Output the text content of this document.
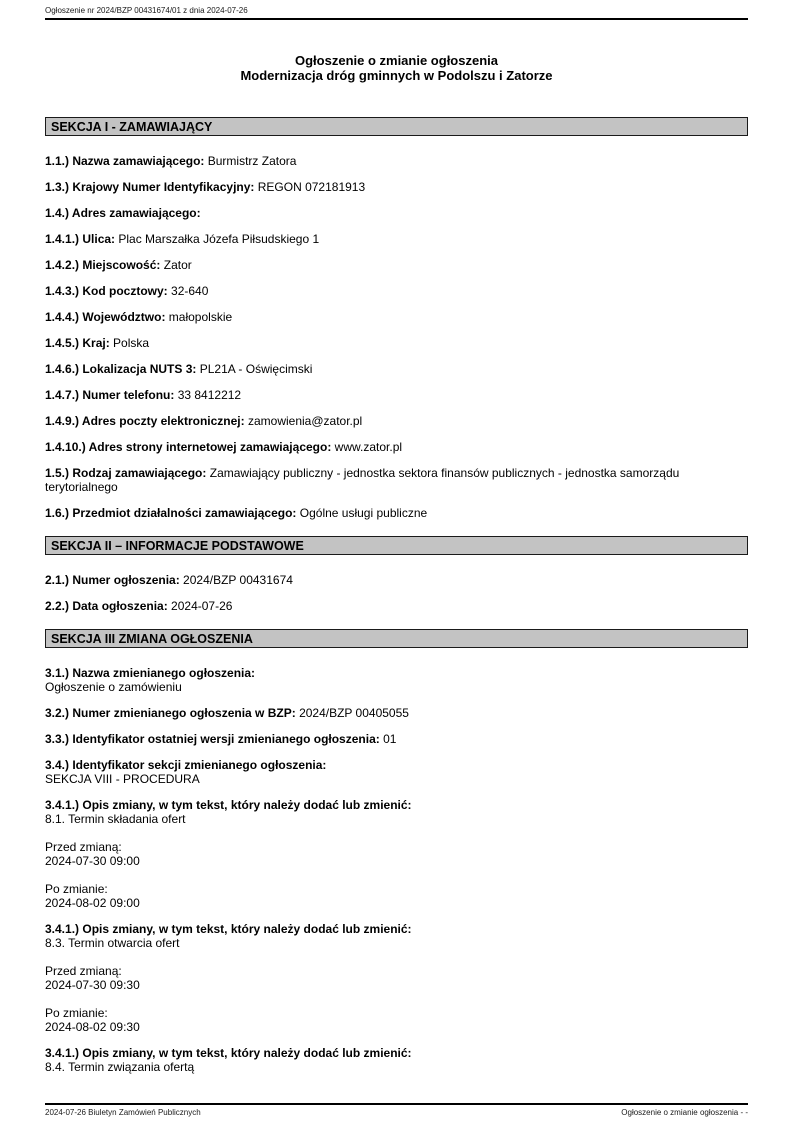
Ogłoszenie nr 2024/BZP 00431674/01 z dnia 2024-07-26
Ogłoszenie o zmianie ogłoszenia
Modernizacja dróg gminnych w Podolszu i Zatorze
SEKCJA I - ZAMAWIAJĄCY

1.1.) Nazwa zamawiającego: Burmistrz Zatora

1.3.) Krajowy Numer Identyfikacyjny: REGON 072181913

1.4.) Adres zamawiającego:

1.4.1.) Ulica: Plac Marszałka Józefa Piłsudskiego 1

1.4.2.) Miejscowość: Zator

1.4.3.) Kod pocztowy: 32-640

1.4.4.) Województwo: małopolskie

1.4.5.) Kraj: Polska

1.4.6.) Lokalizacja NUTS 3: PL21A - Oświęcimski

1.4.7.) Numer telefonu: 33 8412212

1.4.9.) Adres poczty elektronicznej: zamowienia@zator.pl

1.4.10.) Adres strony internetowej zamawiającego: www.zator.pl

1.5.) Rodzaj zamawiającego: Zamawiający publiczny - jednostka sektora finansów publicznych - jednostka samorządu terytorialnego

1.6.) Przedmiot działalności zamawiającego: Ogólne usługi publiczne

SEKCJA II – INFORMACJE PODSTAWOWE

2.1.) Numer ogłoszenia: 2024/BZP 00431674

2.2.) Data ogłoszenia: 2024-07-26

SEKCJA III ZMIANA OGŁOSZENIA

3.1.) Nazwa zmienianego ogłoszenia:
Ogłoszenie o zamówieniu

3.2.) Numer zmienianego ogłoszenia w BZP: 2024/BZP 00405055

3.3.) Identyfikator ostatniej wersji zmienianego ogłoszenia: 01

3.4.) Identyfikator sekcji zmienianego ogłoszenia:
SEKCJA VIII - PROCEDURA

3.4.1.) Opis zmiany, w tym tekst, który należy dodać lub zmienić:
8.1. Termin składania ofert
Przed zmianą:
2024-07-30 09:00
Po zmianie:
2024-08-02 09:00
3.4.1.) Opis zmiany, w tym tekst, który należy dodać lub zmienić:
8.3. Termin otwarcia ofert
Przed zmianą:
2024-07-30 09:30
Po zmianie:
2024-08-02 09:30
3.4.1.) Opis zmiany, w tym tekst, który należy dodać lub zmienić:
8.4. Termin związania ofertą
2024-07-26 Biuletyn Zamówień Publicznych	Ogłoszenie o zmianie ogłoszenia - -
